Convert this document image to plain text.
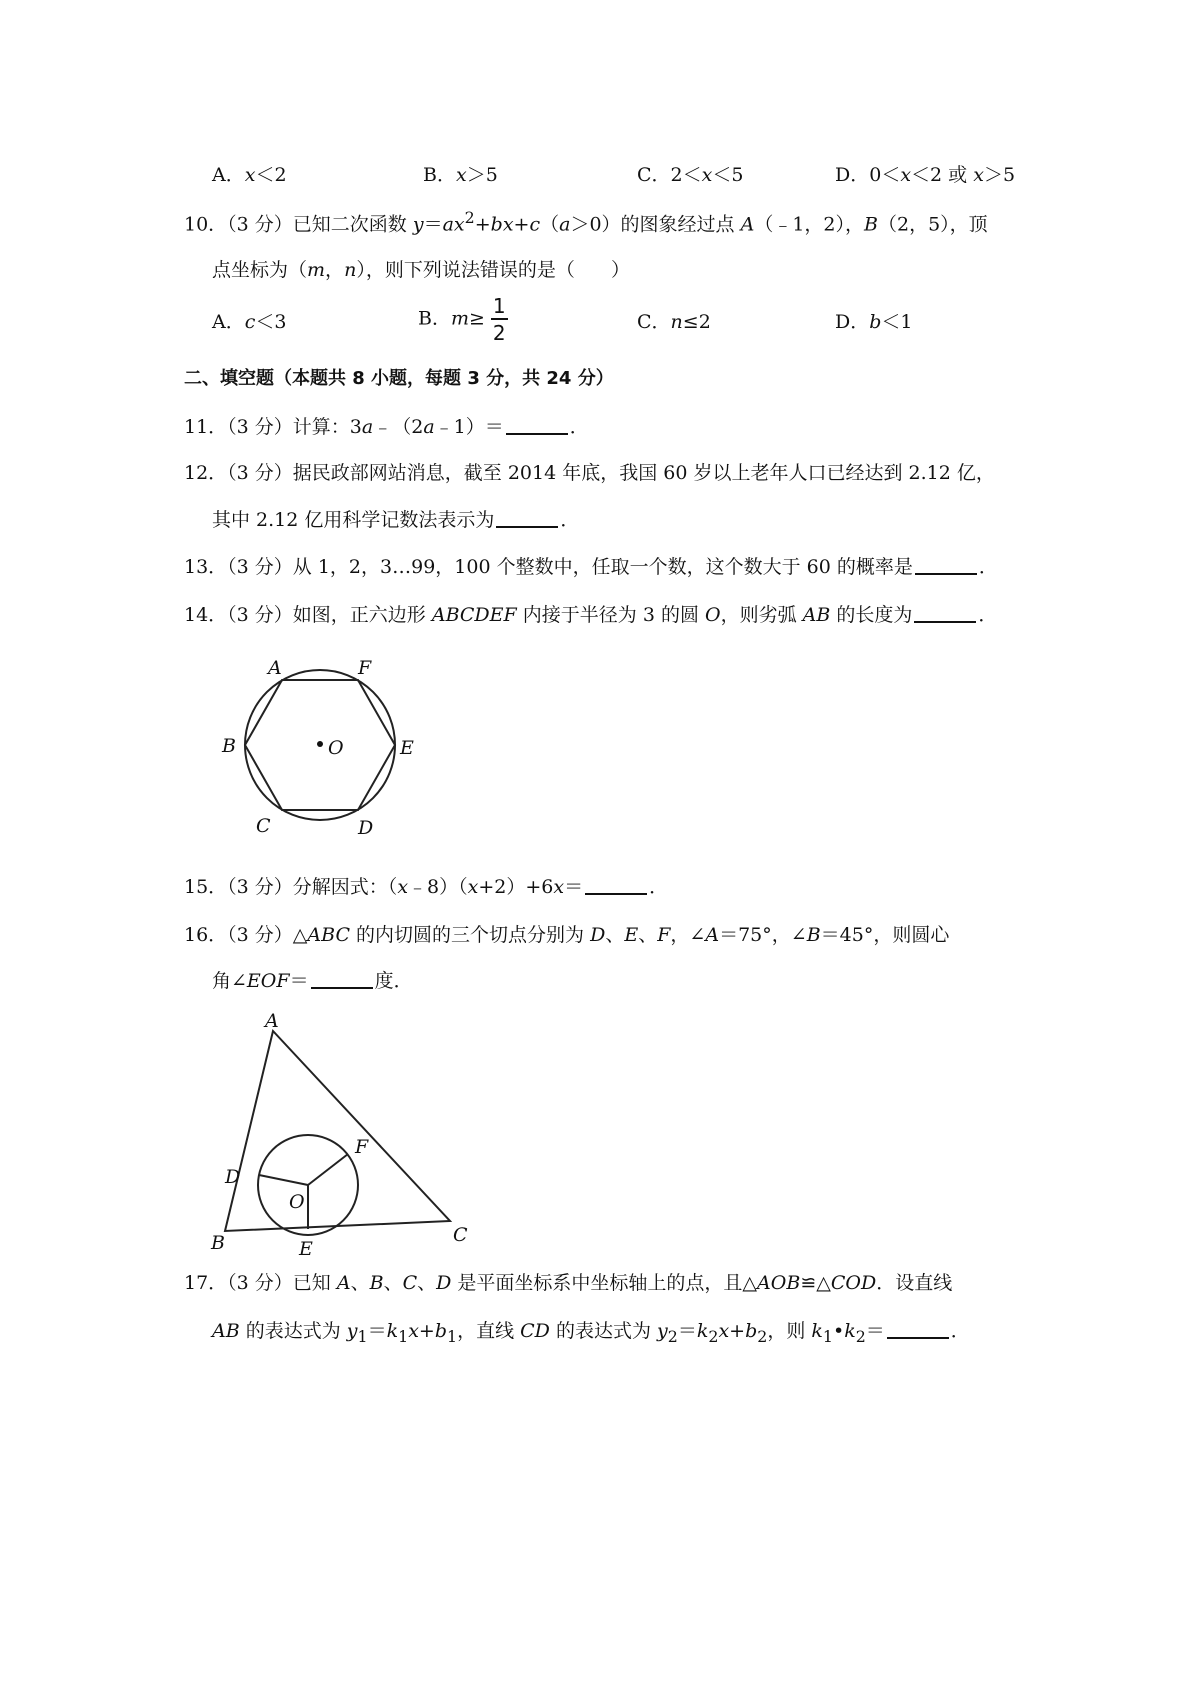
A．x＜2	B．x＞5	C．2＜x＜5	D．0＜x＜2 或 x＞5
10．（3 分）已知二次函数 $y=ax^2+bx+c(a>0)$的图象经过点 A（﹣1，2），B（2，5），顶
点坐标为（m，n），则下列说法错误的是（      ）
A．c＜3	B．$m\ge \frac{1}{2}$	C．n≤2	D．b＜1
二、填空题（本题共 8 小题，每题 3 分，共 24 分）
11．（3 分）计算：3a﹣（2a﹣1）＝	．
12．（3 分）据民政部网站消息，截至 2014 年底，我国 60 岁以上老年人口已经达到 2.12 亿，
其中 2.12 亿用科学记数法表示为	．
13．（3 分）从 1，2，3…99，100 个整数中，任取一个数，这个数大于 60 的概率是	．
14．（3 分）如图，正六边形 ABCDEF 内接于半径为 3 的圆 O，则劣弧 AB 的长度为	．
A	F
B	O	E
C	D
15．（3 分）分解因式：（x﹣8）（x+2）+6x＝	．
16．（3 分）△ABC 的内切圆的三个切点分别为 D、E、F，∠A＝75°，∠B＝45°，则圆心
角∠EOF＝	度．
A
F
D
O
B	E
C
17．（3 分）已知 A、B、C、D 是平面坐标系中坐标轴上的点，且△AOB≌△COD．设直线
AB 的表达式为 $y_1=k_1x+b_1$，直线 CD 的表达式为 $y_2=k_2x+b_2$，则 $k_1•k_2=$	．
